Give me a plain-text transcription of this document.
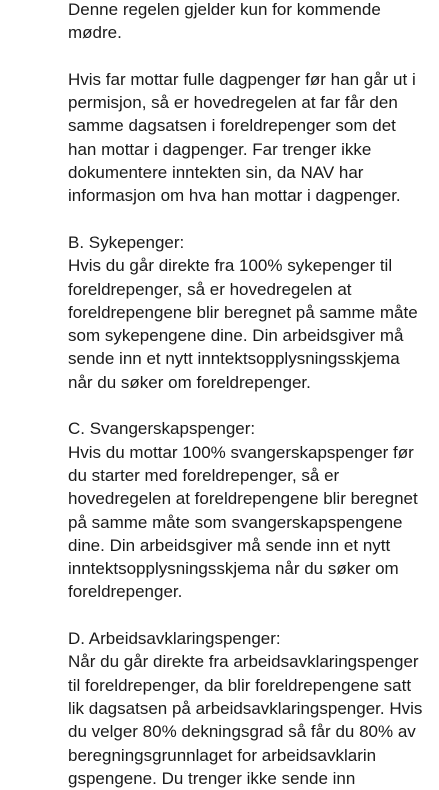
Denne regelen gjelder kun for kommende
mødre.

Hvis far mottar fulle dagpenger før han går ut i
permisjon, så er hovedregelen at far får den
samme dagsatsen i foreldrepenger som det
han mottar i dagpenger. Far trenger ikke
dokumentere inntekten sin, da NAV har
informasjon om hva han mottar i dagpenger.

B. Sykepenger:
Hvis du går direkte fra 100% sykepenger til
foreldrepenger, så er hovedregelen at
foreldrepengene blir beregnet på samme måte
som sykepengene dine. Din arbeidsgiver må
sende inn et nytt inntektsopplysningsskjema
når du søker om foreldrepenger.

C. Svangerskapspenger:
Hvis du mottar 100% svangerskapspenger før
du starter med foreldrepenger, så er
hovedregelen at foreldrepengene blir beregnet
på samme måte som svangerskapspengene
dine. Din arbeidsgiver må sende inn et nytt
inntektsopplysningsskjema når du søker om
foreldrepenger.

D. Arbeidsavklaringspenger:
Når du går direkte fra arbeidsavklaringspenger
til foreldrepenger, da blir foreldrepengene satt
lik dagsatsen på arbeidsavklaringspenger. Hvis
du velger 80% dekningsgrad så får du 80% av
beregningsgrunnlaget for arbeidsavklarin
gspengene. Du trenger ikke sende inn
